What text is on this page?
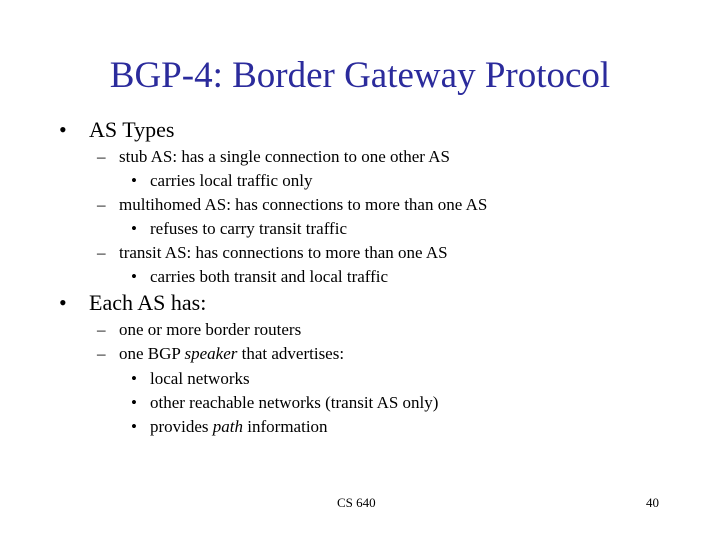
BGP-4: Border Gateway Protocol
• AS Types
– stub AS: has a single connection to one other AS
• carries local traffic only
– multihomed AS: has connections to more than one AS
• refuses to carry transit traffic
– transit AS: has connections to more than one AS
• carries both transit and local traffic
• Each AS has:
– one or more border routers
– one BGP speaker that advertises:
• local networks
• other reachable networks (transit AS only)
• provides path information
CS 640	40
